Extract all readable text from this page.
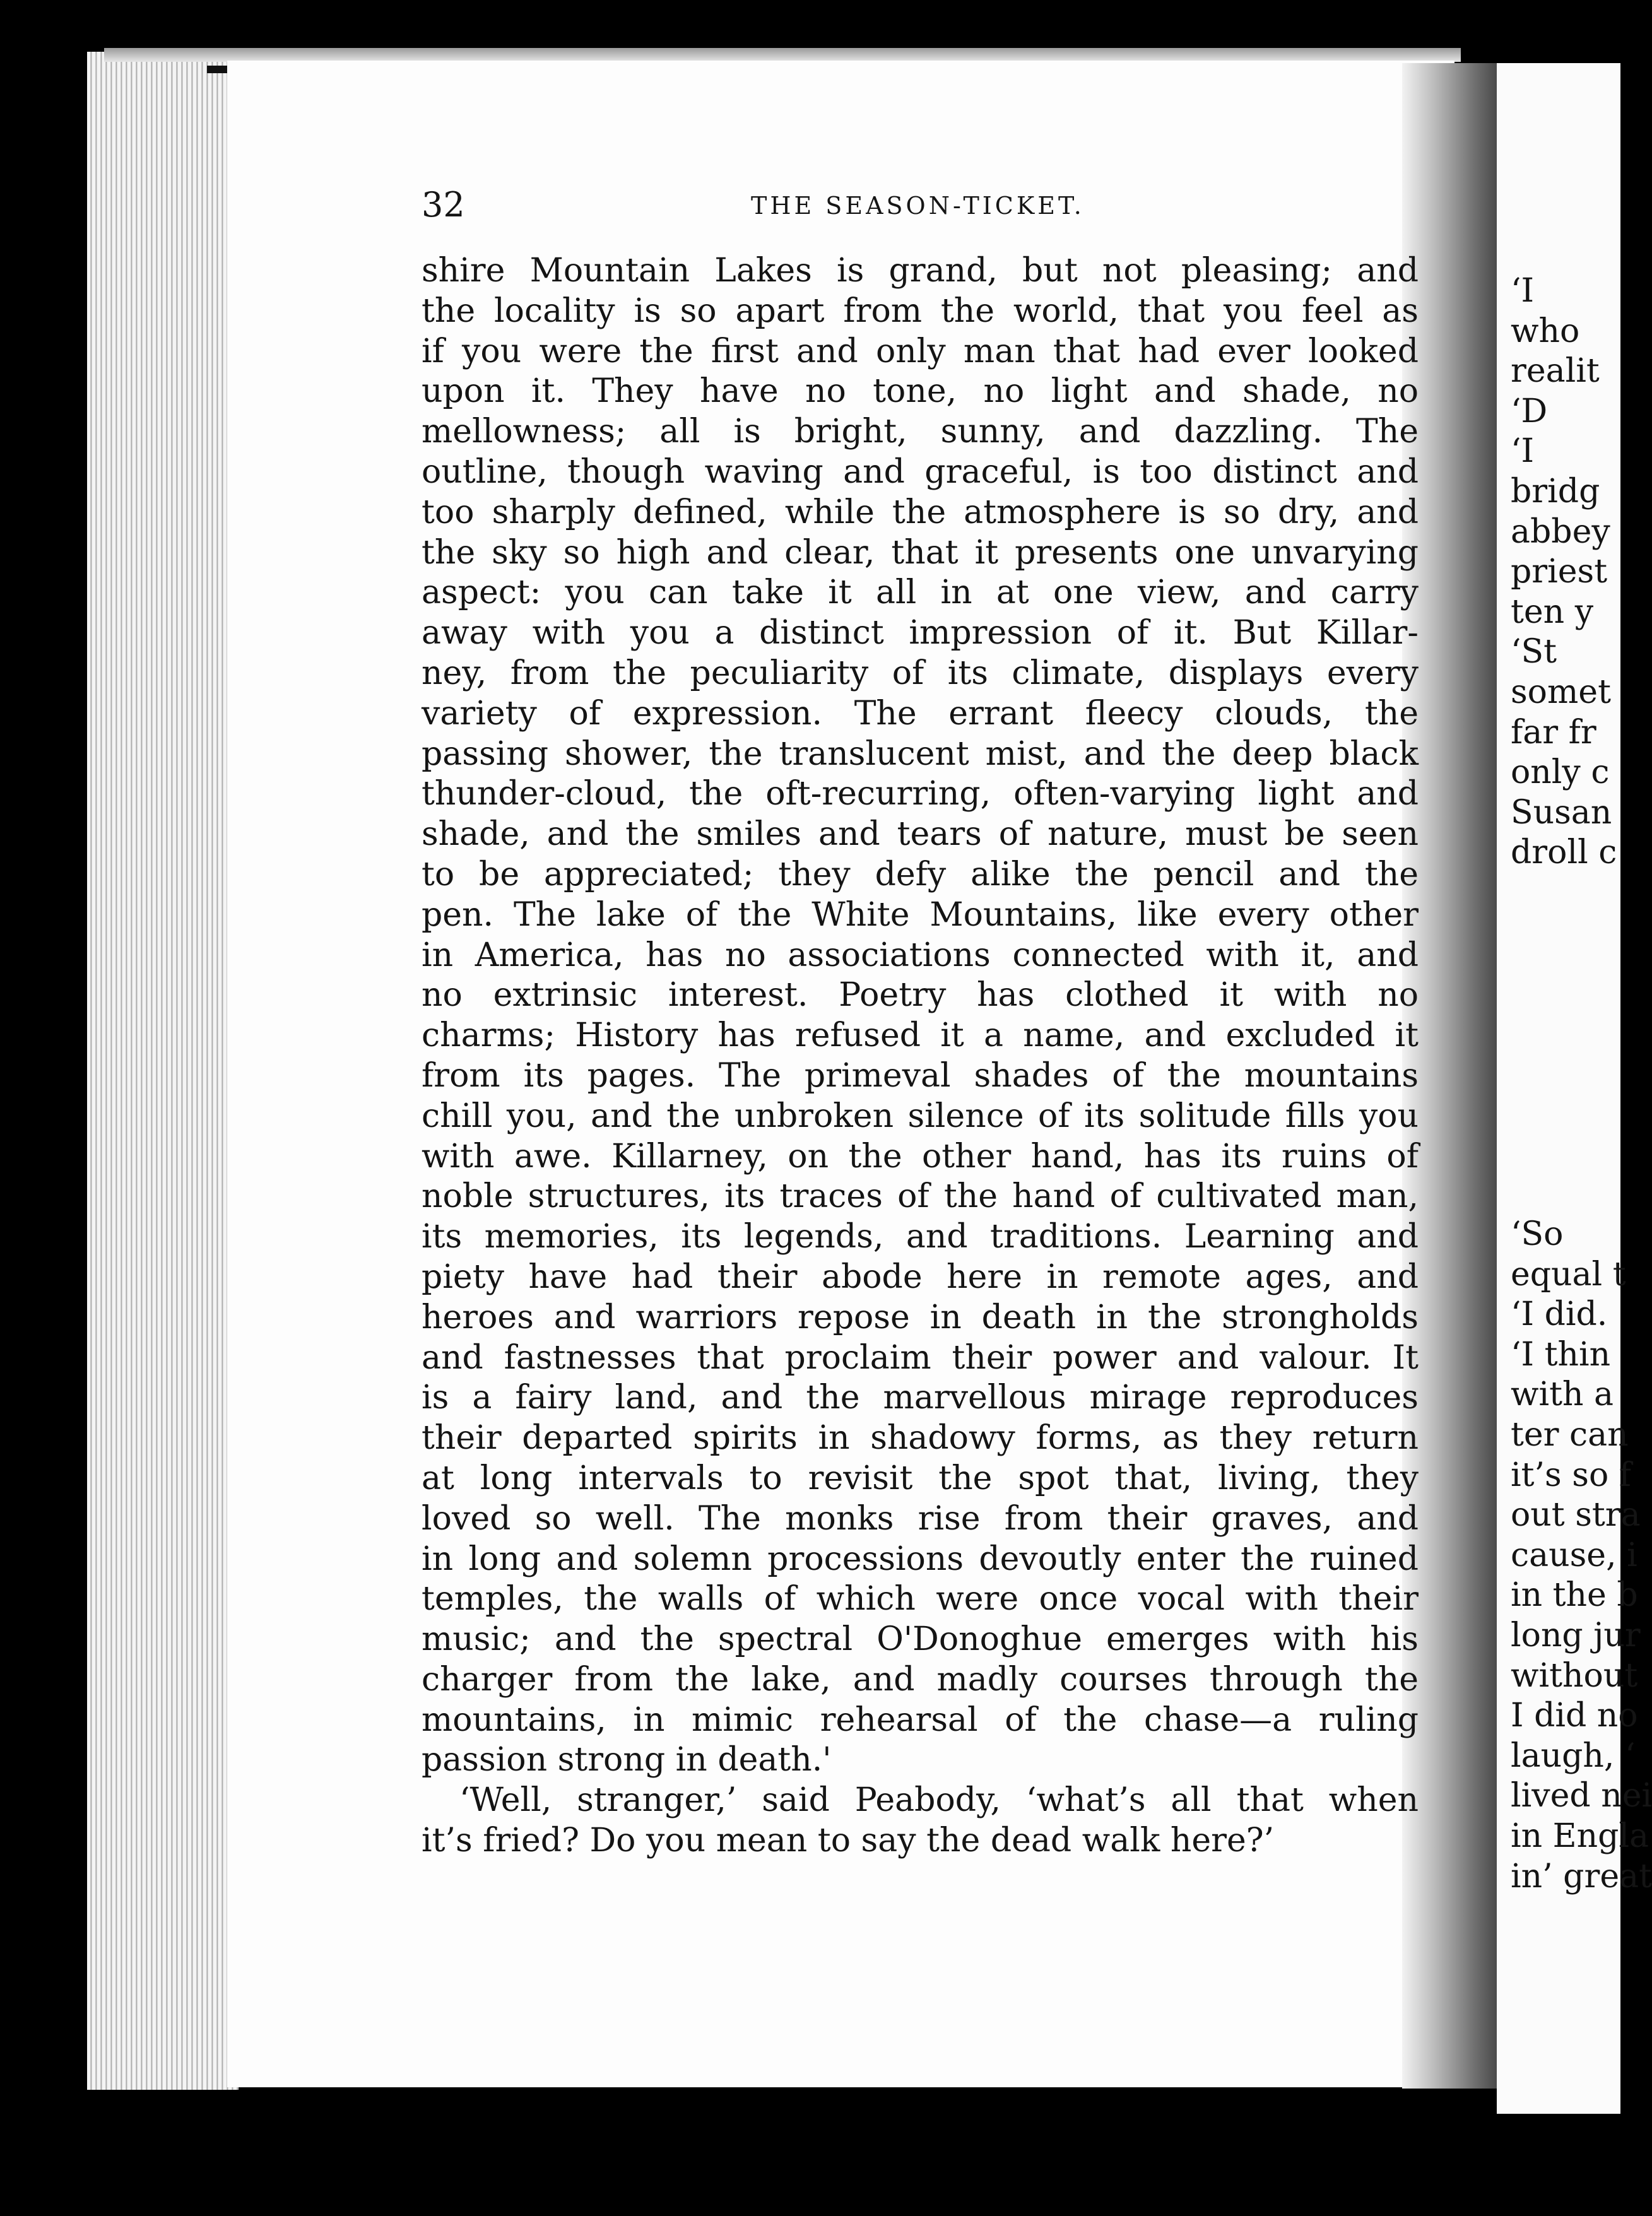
32	THE SEASON-TICKET.
shire Mountain Lakes is grand, but not pleasing; and
the locality is so apart from the world, that you feel as
if you were the first and only man that had ever looked
upon it. They have no tone, no light and shade, no
mellowness; all is bright, sunny, and dazzling. The
outline, though waving and graceful, is too distinct and
too sharply defined, while the atmosphere is so dry, and
the sky so high and clear, that it presents one unvarying
aspect: you can take it all in at one view, and carry
away with you a distinct impression of it. But Killar-
ney, from the peculiarity of its climate, displays every
variety of expression. The errant fleecy clouds, the
passing shower, the translucent mist, and the deep black
thunder-cloud, the oft-recurring, often-varying light and
shade, and the smiles and tears of nature, must be seen
to be appreciated; they defy alike the pencil and the
pen. The lake of the White Mountains, like every other
in America, has no associations connected with it, and
no extrinsic interest. Poetry has clothed it with no
charms; History has refused it a name, and excluded it
from its pages. The primeval shades of the mountains
chill you, and the unbroken silence of its solitude fills you
with awe. Killarney, on the other hand, has its ruins of
noble structures, its traces of the hand of cultivated man,
its memories, its legends, and traditions. Learning and
piety have had their abode here in remote ages, and
heroes and warriors repose in death in the strongholds
and fastnesses that proclaim their power and valour. It
is a fairy land, and the marvellous mirage reproduces
their departed spirits in shadowy forms, as they return
at long intervals to revisit the spot that, living, they
loved so well. The monks rise from their graves, and
in long and solemn processions devoutly enter the ruined
temples, the walls of which were once vocal with their
music; and the spectral O'Donoghue emerges with his
charger from the lake, and madly courses through the
mountains, in mimic rehearsal of the chase—a ruling
passion strong in death.'
‘Well, stranger,’ said Peabody, ‘what’s all that when
it’s fried? Do you mean to say the dead walk here?’
‘I
who
realit
‘D
‘I
bridg
abbey
priest
ten y
‘St
somet
far fr
only c
Susan
droll c
‘So
equal t
‘I did.
‘I thin
with a
ter can
it’s so f
out stra
cause, i
in the b
long jur
without
I did no
laugh, ‘
lived nei
in Engla
in’ great
